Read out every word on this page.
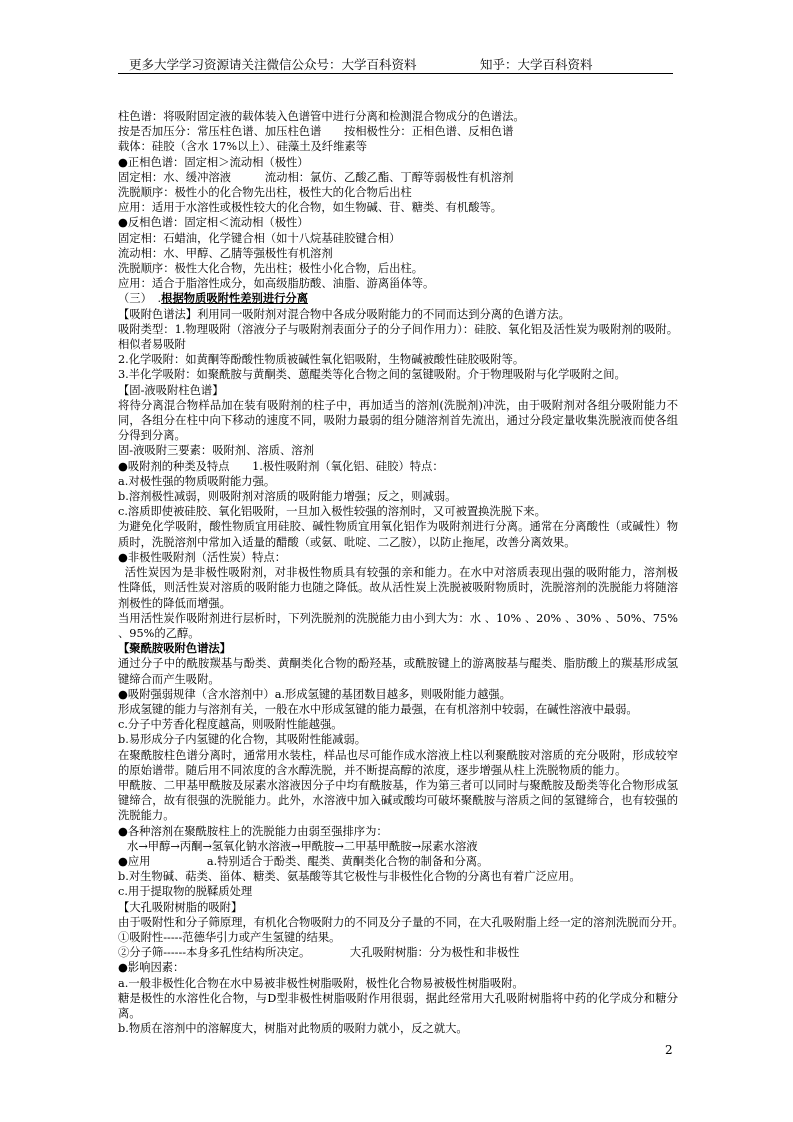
更多大学学习资源请关注微信公众号：大学百科资料	知乎：大学百科资料

柱色谱：将吸附固定液的载体装入色谱管中进行分离和检测混合物成分的色谱法。

按是否加压分：常压柱色谱、加压柱色谱　　按相极性分：正相色谱、反相色谱

载体：硅胶（含水 17%以上）、硅藻土及纤维素等

●正相色谱：固定相＞流动相（极性）

固定相：水、缓冲溶液　　　流动相：氯仿、乙酸乙酯、丁醇等弱极性有机溶剂

洗脱顺序：极性小的化合物先出柱，极性大的化合物后出柱

应用：适用于水溶性或极性较大的化合物，如生物碱、苷、糖类、有机酸等。

●反相色谱：固定相＜流动相（极性）

固定相：石蜡油，化学键合相（如十八烷基硅胶键合相）

流动相：水、甲醇、乙腈等强极性有机溶剂

洗脱顺序：极性大化合物，先出柱；极性小化合物，后出柱。

应用：适合于脂溶性成分，如高级脂肪酸、油脂、游离甾体等。

（三）　.根据物质吸附性差别进行分离

【吸附色谱法】利用同一吸附剂对混合物中各成分吸附能力的不同而达到分离的色谱方法。

吸附类型：1.物理吸附（溶液分子与吸附剂表面分子的分子间作用力）：硅胶、氧化铝及活性炭为吸附剂的吸附。相似者易吸附

2.化学吸附：如黄酮等酚酸性物质被碱性氧化铝吸附，生物碱被酸性硅胶吸附等。

3.半化学吸附：如聚酰胺与黄酮类、蒽醌类等化合物之间的氢键吸附。介于物理吸附与化学吸附之间。

【固-液吸附柱色谱】

将待分离混合物样品加在装有吸附剂的柱子中，再加适当的溶剂(洗脱剂)冲洗，由于吸附剂对各组分吸附能力不同，各组分在柱中向下移动的速度不同，吸附力最弱的组分随溶剂首先流出，通过分段定量收集洗脱液而使各组分得到分离。

固-液吸附三要素：吸附剂、溶质、溶剂

●吸附剂的种类及特点　　1.极性吸附剂（氧化铝、硅胶）特点：

a.对极性强的物质吸附能力强。

b.溶剂极性减弱，则吸附剂对溶质的吸附能力增强；反之，则减弱。

c.溶质即使被硅胶、氧化铝吸附，一旦加入极性较强的溶剂时，又可被置换洗脱下来。

为避免化学吸附，酸性物质宜用硅胶、碱性物质宜用氧化铝作为吸附剂进行分离。通常在分离酸性（或碱性）物质时，洗脱溶剂中常加入适量的醋酸（或氨、吡啶、二乙胺），以防止拖尾，改善分离效果。

●非极性吸附剂（活性炭）特点：

活性炭因为是非极性吸附剂，对非极性物质具有较强的亲和能力。在水中对溶质表现出强的吸附能力，溶剂极性降低，则活性炭对溶质的吸附能力也随之降低。故从活性炭上洗脱被吸附物质时，洗脱溶剂的洗脱能力将随溶剂极性的降低而增强。

当用活性炭作吸附剂进行层析时，下列洗脱剂的洗脱能力由小到大为：水 、10% 、20% 、30% 、50%、75% 、95%的乙醇。

【聚酰胺吸附色谱法】

通过分子中的酰胺羰基与酚类、黄酮类化合物的酚羟基，或酰胺键上的游离胺基与醌类、脂肪酸上的羰基形成氢键缔合而产生吸附。

●吸附强弱规律（含水溶剂中）a.形成氢键的基团数目越多，则吸附能力越强。

形成氢键的能力与溶剂有关，一般在水中形成氢键的能力最强，在有机溶剂中较弱，在碱性溶液中最弱。

c.分子中芳香化程度越高，则吸附性能越强。

b.易形成分子内氢键的化合物，其吸附性能减弱。

在聚酰胺柱色谱分离时，通常用水装柱，样品也尽可能作成水溶液上柱以利聚酰胺对溶质的充分吸附，形成较窄的原始谱带。随后用不同浓度的含水醇洗脱，并不断提高醇的浓度，逐步增强从柱上洗脱物质的能力。

甲酰胺、二甲基甲酰胺及尿素水溶液因分子中均有酰胺基，作为第三者可以同时与聚酰胺及酚类等化合物形成氢键缔合，故有很强的洗脱能力。此外，水溶液中加入碱或酸均可破坏聚酰胺与溶质之间的氢键缔合，也有较强的洗脱能力。

●各种溶剂在聚酰胺柱上的洗脱能力由弱至强排序为：

水→甲醇→丙酮→氢氧化钠水溶液→甲酰胺→二甲基甲酰胺→尿素水溶液

●应用　　　　　a.特别适合于酚类、醌类、黄酮类化合物的制备和分离。

b.对生物碱、萜类、甾体、糖类、氨基酸等其它极性与非极性化合物的分离也有着广泛应用。

c.用于提取物的脱鞣质处理

【大孔吸附树脂的吸附】

由于吸附性和分子筛原理，有机化合物吸附力的不同及分子量的不同，在大孔吸附脂上经一定的溶剂洗脱而分开。　①吸附性-----范德华引力或产生氢键的结果。

②分子筛------本身多孔性结构所决定。　　　　大孔吸附树脂：分为极性和非极性

●影响因素：

a.一般非极性化合物在水中易被非极性树脂吸附，极性化合物易被极性树脂吸附。

糖是极性的水溶性化合物，与D型非极性树脂吸附作用很弱，据此经常用大孔吸附树脂将中药的化学成分和糖分离。

b.物质在溶剂中的溶解度大，树脂对此物质的吸附力就小，反之就大。

2
